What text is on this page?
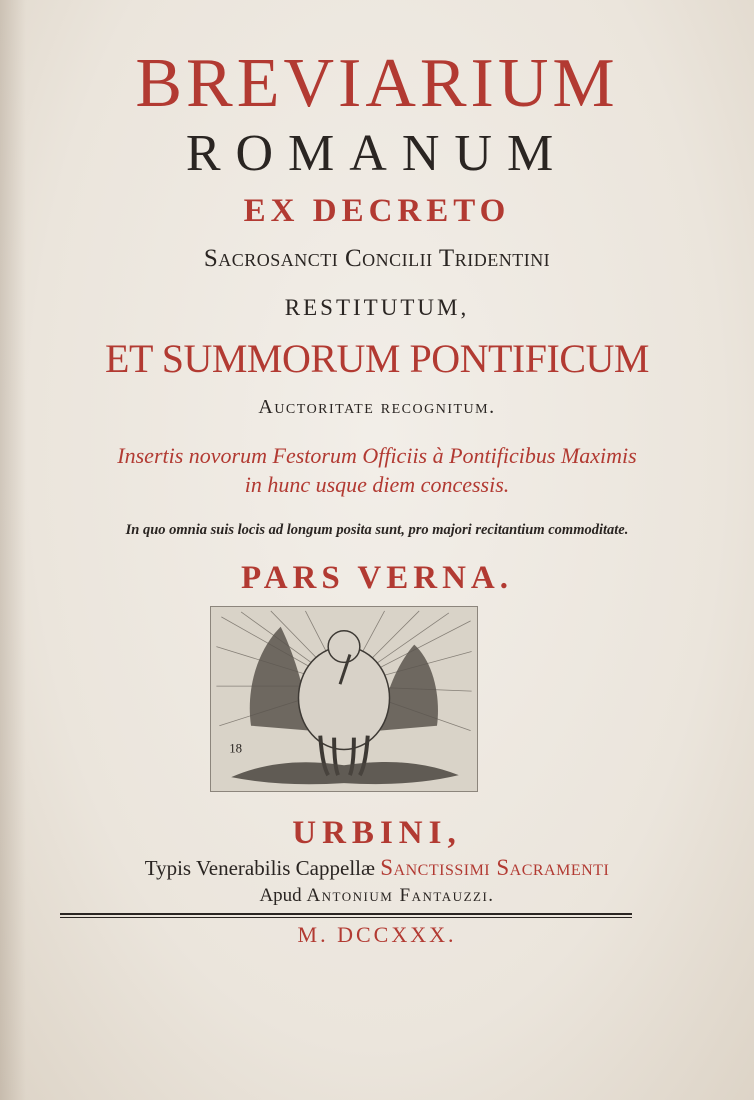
BREVIARIUM
ROMANUM
EX DECRETO
Sacrosancti Concilii Tridentini
RESTITUTUM,
ET SUMMORUM PONTIFICUM
Auctoritate recognitum.
Insertis novorum Festorum Officiis à Pontificibus Maximis
in hunc usque diem concessis.
In quo omnia suis locis ad longum posita sunt, pro majori recitantium commoditate.
PARS VERNA.
18
URBINI,
Typis Venerabilis Cappellæ Sanctissimi Sacramenti
Apud Antonium Fantauzzi.
M. DCCXXX.
